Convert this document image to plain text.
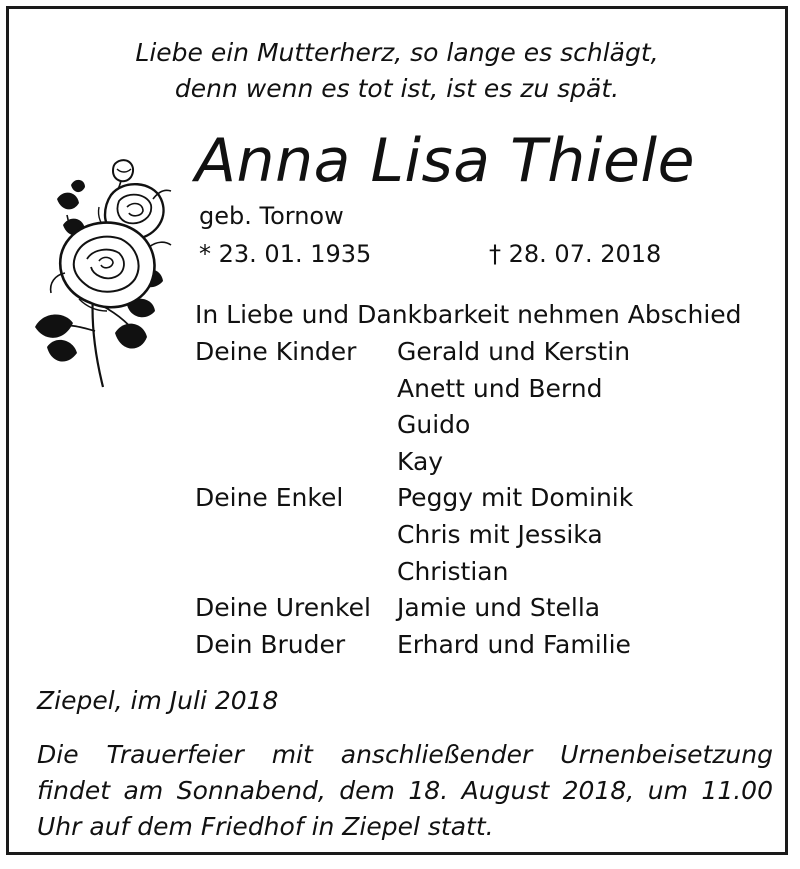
Liebe ein Mutterherz, so lange es schlägt,
denn wenn es tot ist, ist es zu spät.
Anna Lisa Thiele
geb. Tornow
* 23. 01. 1935	† 28. 07. 2018
In Liebe und Dankbarkeit nehmen Abschied
Deine Kinder	Gerald und Kerstin
Anett und Bernd
Guido
Kay
Deine Enkel	Peggy mit Dominik
Chris mit Jessika
Christian
Deine Urenkel	Jamie und Stella
Dein Bruder	Erhard und Familie
Ziepel, im Juli 2018
Die Trauerfeier mit anschließender Urnenbeisetzung findet am Sonnabend, dem 18. August 2018, um 11.00 Uhr auf dem Friedhof in Ziepel statt.
